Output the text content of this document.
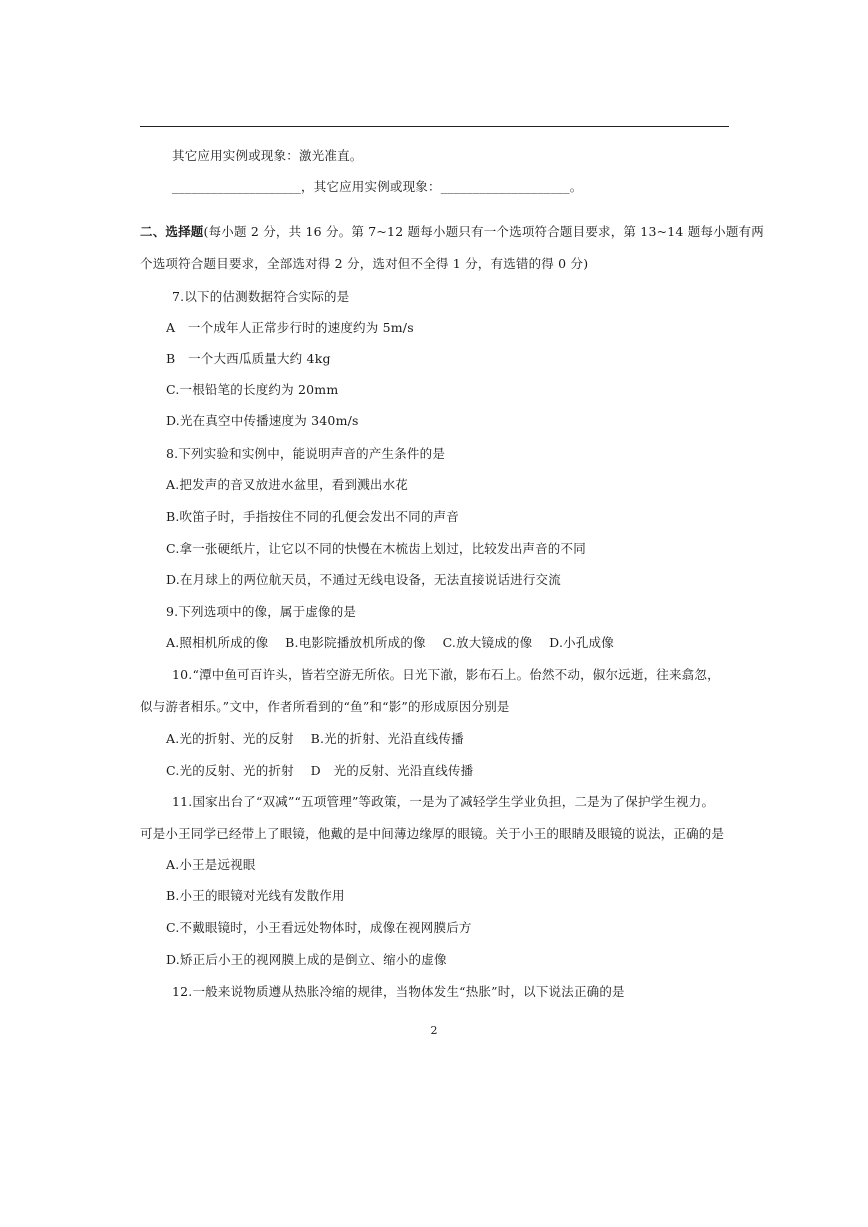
其它应用实例或现象：激光准直。
____________________，其它应用实例或现象：____________________。
二、选择题(每小题 2 分，共 16 分。第 7~12 题每小题只有一个选项符合题目要求，第 13~14 题每小题有两
个选项符合题目要求，全部选对得 2 分，选对但不全得 1 分，有选错的得 0 分)
7.以下的估测数据符合实际的是
A　一个成年人正常步行时的速度约为 5m/s
B　一个大西瓜质量大约 4kg
C.一根铅笔的长度约为 20mm
D.光在真空中传播速度为 340m/s
8.下列实验和实例中，能说明声音的产生条件的是
A.把发声的音叉放进水盆里，看到溅出水花
B.吹笛子时，手指按住不同的孔便会发出不同的声音
C.拿一张硬纸片，让它以不同的快慢在木梳齿上划过，比较发出声音的不同
D.在月球上的两位航天员，不通过无线电设备，无法直接说话进行交流
9.下列选项中的像，属于虚像的是
A.照相机所成的像　 B.电影院播放机所成的像　 C.放大镜成的像　 D.小孔成像
10.“潭中鱼可百许头，皆若空游无所依。日光下澈，影布石上。佁然不动，俶尔远逝，往来翕忽，
似与游者相乐。”文中，作者所看到的“鱼”和“影”的形成原因分别是
A.光的折射、光的反射　 B.光的折射、光沿直线传播
C.光的反射、光的折射　 D　光的反射、光沿直线传播
11.国家出台了“双减”“五项管理”等政策，一是为了减轻学生学业负担，二是为了保护学生视力。
可是小王同学已经带上了眼镜，他戴的是中间薄边缘厚的眼镜。关于小王的眼睛及眼镜的说法，正确的是
A.小王是远视眼
B.小王的眼镜对光线有发散作用
C.不戴眼镜时，小王看远处物体时，成像在视网膜后方
D.矫正后小王的视网膜上成的是倒立、缩小的虚像
12.一般来说物质遵从热胀冷缩的规律，当物体发生“热胀”时，以下说法正确的是
2
